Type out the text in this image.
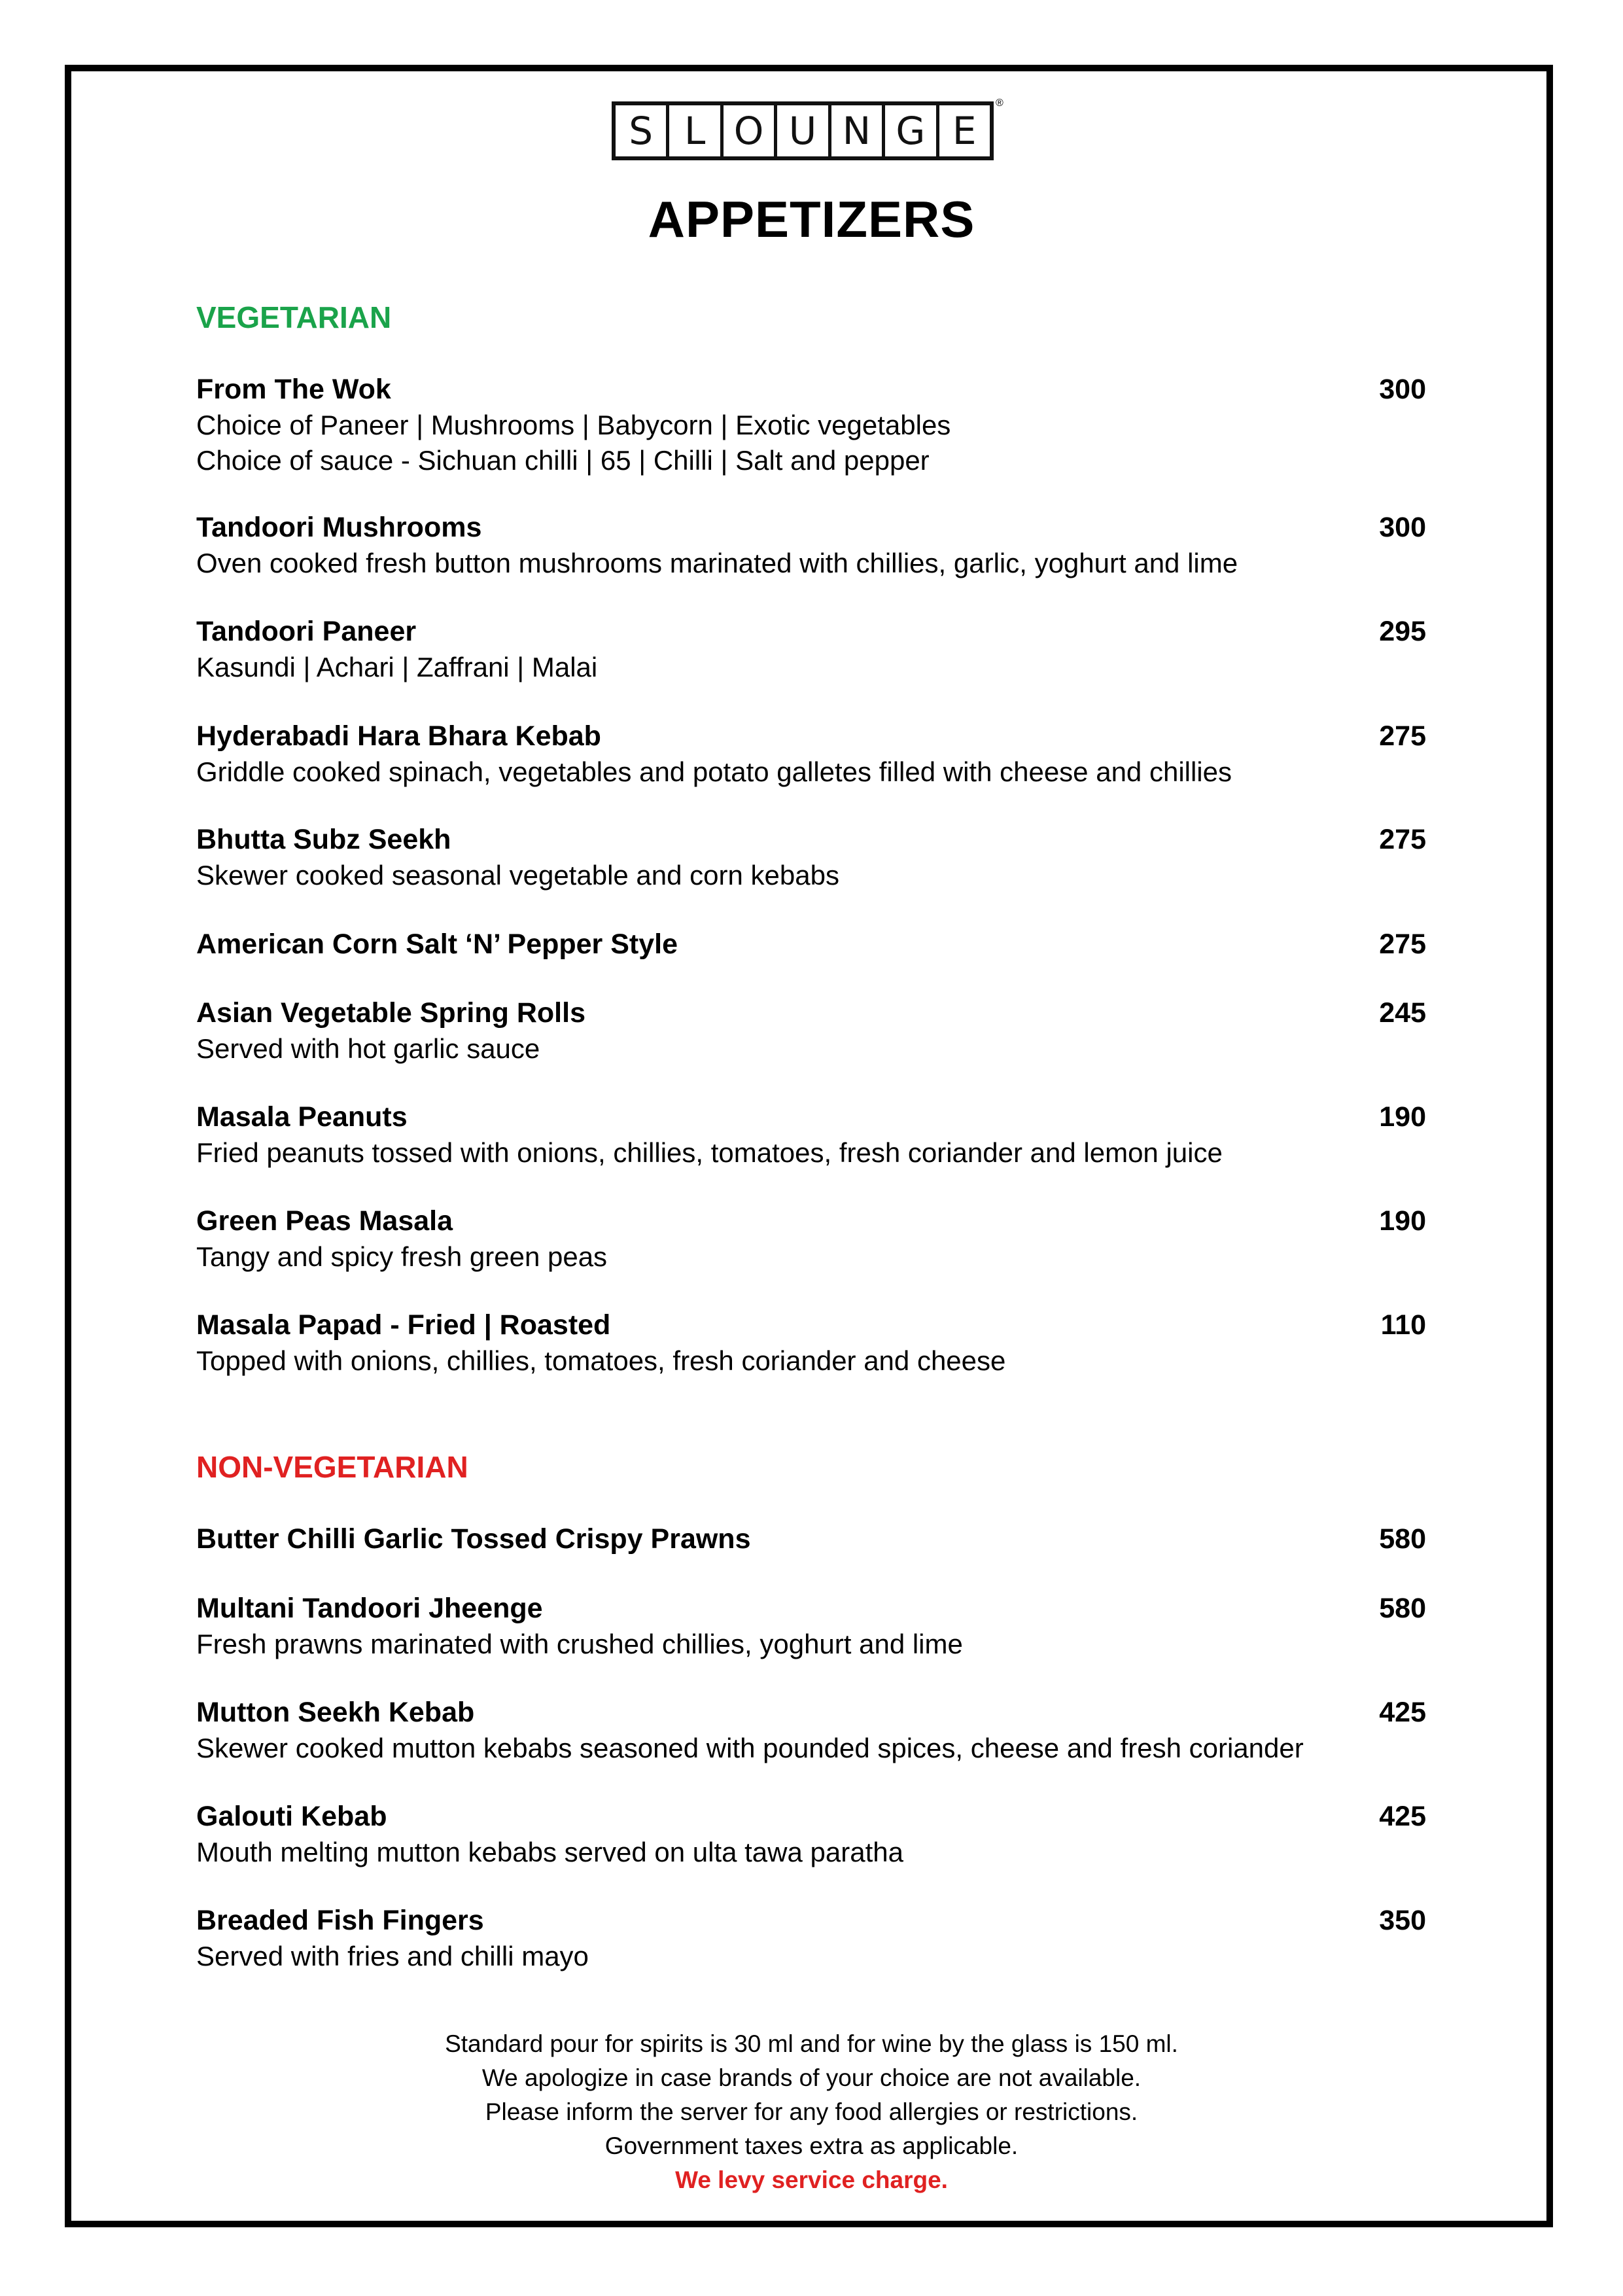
S L O U N G E
®
APPETIZERS
VEGETARIAN
From The Wok	300
Choice of Paneer | Mushrooms | Babycorn | Exotic vegetables
Choice of sauce - Sichuan chilli | 65 | Chilli | Salt and pepper
Tandoori Mushrooms	300
Oven cooked fresh button mushrooms marinated with chillies, garlic, yoghurt and lime
Tandoori Paneer	295
Kasundi | Achari | Zaffrani | Malai
Hyderabadi Hara Bhara Kebab	275
Griddle cooked spinach, vegetables and potato galletes filled with cheese and chillies
Bhutta Subz Seekh	275
Skewer cooked seasonal vegetable and corn kebabs
American Corn Salt ‘N’ Pepper Style	275
Asian Vegetable Spring Rolls	245
Served with hot garlic sauce
Masala Peanuts	190
Fried peanuts tossed with onions, chillies, tomatoes, fresh coriander and lemon juice
Green Peas Masala	190
Tangy and spicy fresh green peas
Masala Papad - Fried | Roasted	110
Topped with onions, chillies, tomatoes, fresh coriander and cheese
NON-VEGETARIAN
Butter Chilli Garlic Tossed Crispy Prawns	580
Multani Tandoori Jheenge	580
Fresh prawns marinated with crushed chillies, yoghurt and lime
Mutton Seekh Kebab	425
Skewer cooked mutton kebabs seasoned with pounded spices, cheese and fresh coriander
Galouti Kebab	425
Mouth melting mutton kebabs served on ulta tawa paratha
Breaded Fish Fingers	350
Served with fries and chilli mayo
Standard pour for spirits is 30 ml and for wine by the glass is 150 ml.
We apologize in case brands of your choice are not available.
Please inform the server for any food allergies or restrictions.
Government taxes extra as applicable.
We levy service charge.
